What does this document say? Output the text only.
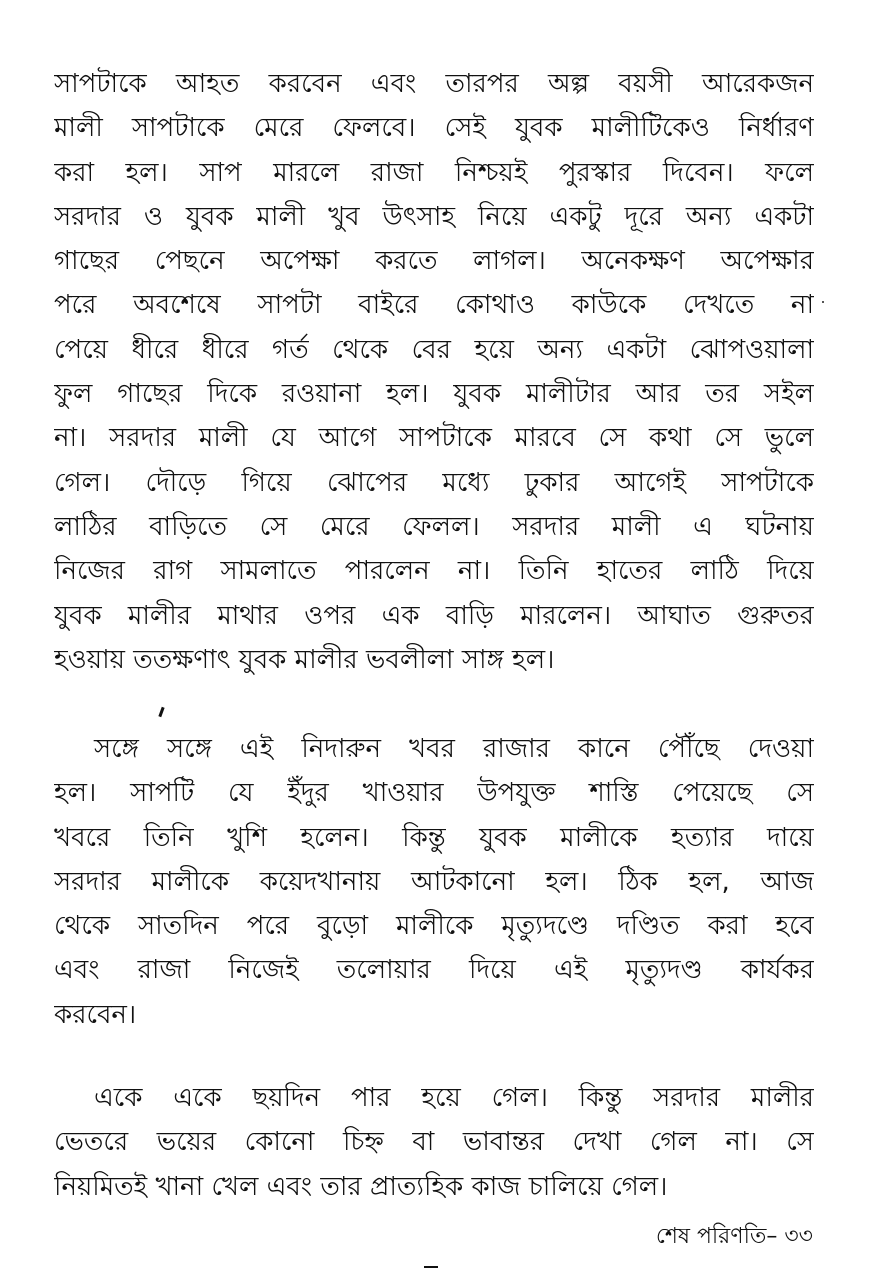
সাপটাকে আহত করবেন এবং তারপর অল্প বয়সী আরেকজন
মালী সাপটাকে মেরে ফেলবে। সেই যুবক মালীটিকেও নির্ধারণ
করা হল। সাপ মারলে রাজা নিশ্চয়ই পুরস্কার দিবেন। ফলে
সরদার ও যুবক মালী খুব উৎসাহ নিয়ে একটু দূরে অন্য একটা
গাছের পেছনে অপেক্ষা করতে লাগল। অনেকক্ষণ অপেক্ষার
পরে অবশেষে সাপটা বাইরে কোথাও কাউকে দেখতে না
পেয়ে ধীরে ধীরে গর্ত থেকে বের হয়ে অন্য একটা ঝোপওয়ালা
ফুল গাছের দিকে রওয়ানা হল। যুবক মালীটার আর তর সইল
না। সরদার মালী যে আগে সাপটাকে মারবে সে কথা সে ভুলে
গেল। দৌড়ে গিয়ে ঝোপের মধ্যে ঢুকার আগেই সাপটাকে
লাঠির বাড়িতে সে মেরে ফেলল। সরদার মালী এ ঘটনায়
নিজের রাগ সামলাতে পারলেন না। তিনি হাতের লাঠি দিয়ে
যুবক মালীর মাথার ওপর এক বাড়ি মারলেন। আঘাত গুরুতর
হওয়ায় ততক্ষণাৎ যুবক মালীর ভবলীলা সাঙ্গ হল।
সঙ্গে সঙ্গে এই নিদারুন খবর রাজার কানে পৌঁছে দেওয়া
হল। সাপটি যে ইঁদুর খাওয়ার উপযুক্ত শাস্তি পেয়েছে সে
খবরে তিনি খুশি হলেন। কিন্তু যুবক মালীকে হত্যার দায়ে
সরদার মালীকে কয়েদখানায় আটকানো হল। ঠিক হল, আজ
থেকে সাতদিন পরে বুড়ো মালীকে মৃত্যুদণ্ডে দণ্ডিত করা হবে
এবং রাজা নিজেই তলোয়ার দিয়ে এই মৃত্যুদণ্ড কার্যকর
করবেন।
একে একে ছয়দিন পার হয়ে গেল। কিন্তু সরদার মালীর
ভেতরে ভয়ের কোনো চিহ্ন বা ভাবান্তর দেখা গেল না। সে
নিয়মিতই খানা খেল এবং তার প্রাত্যহিক কাজ চালিয়ে গেল।
শেষ পরিণতি– ৩৩
